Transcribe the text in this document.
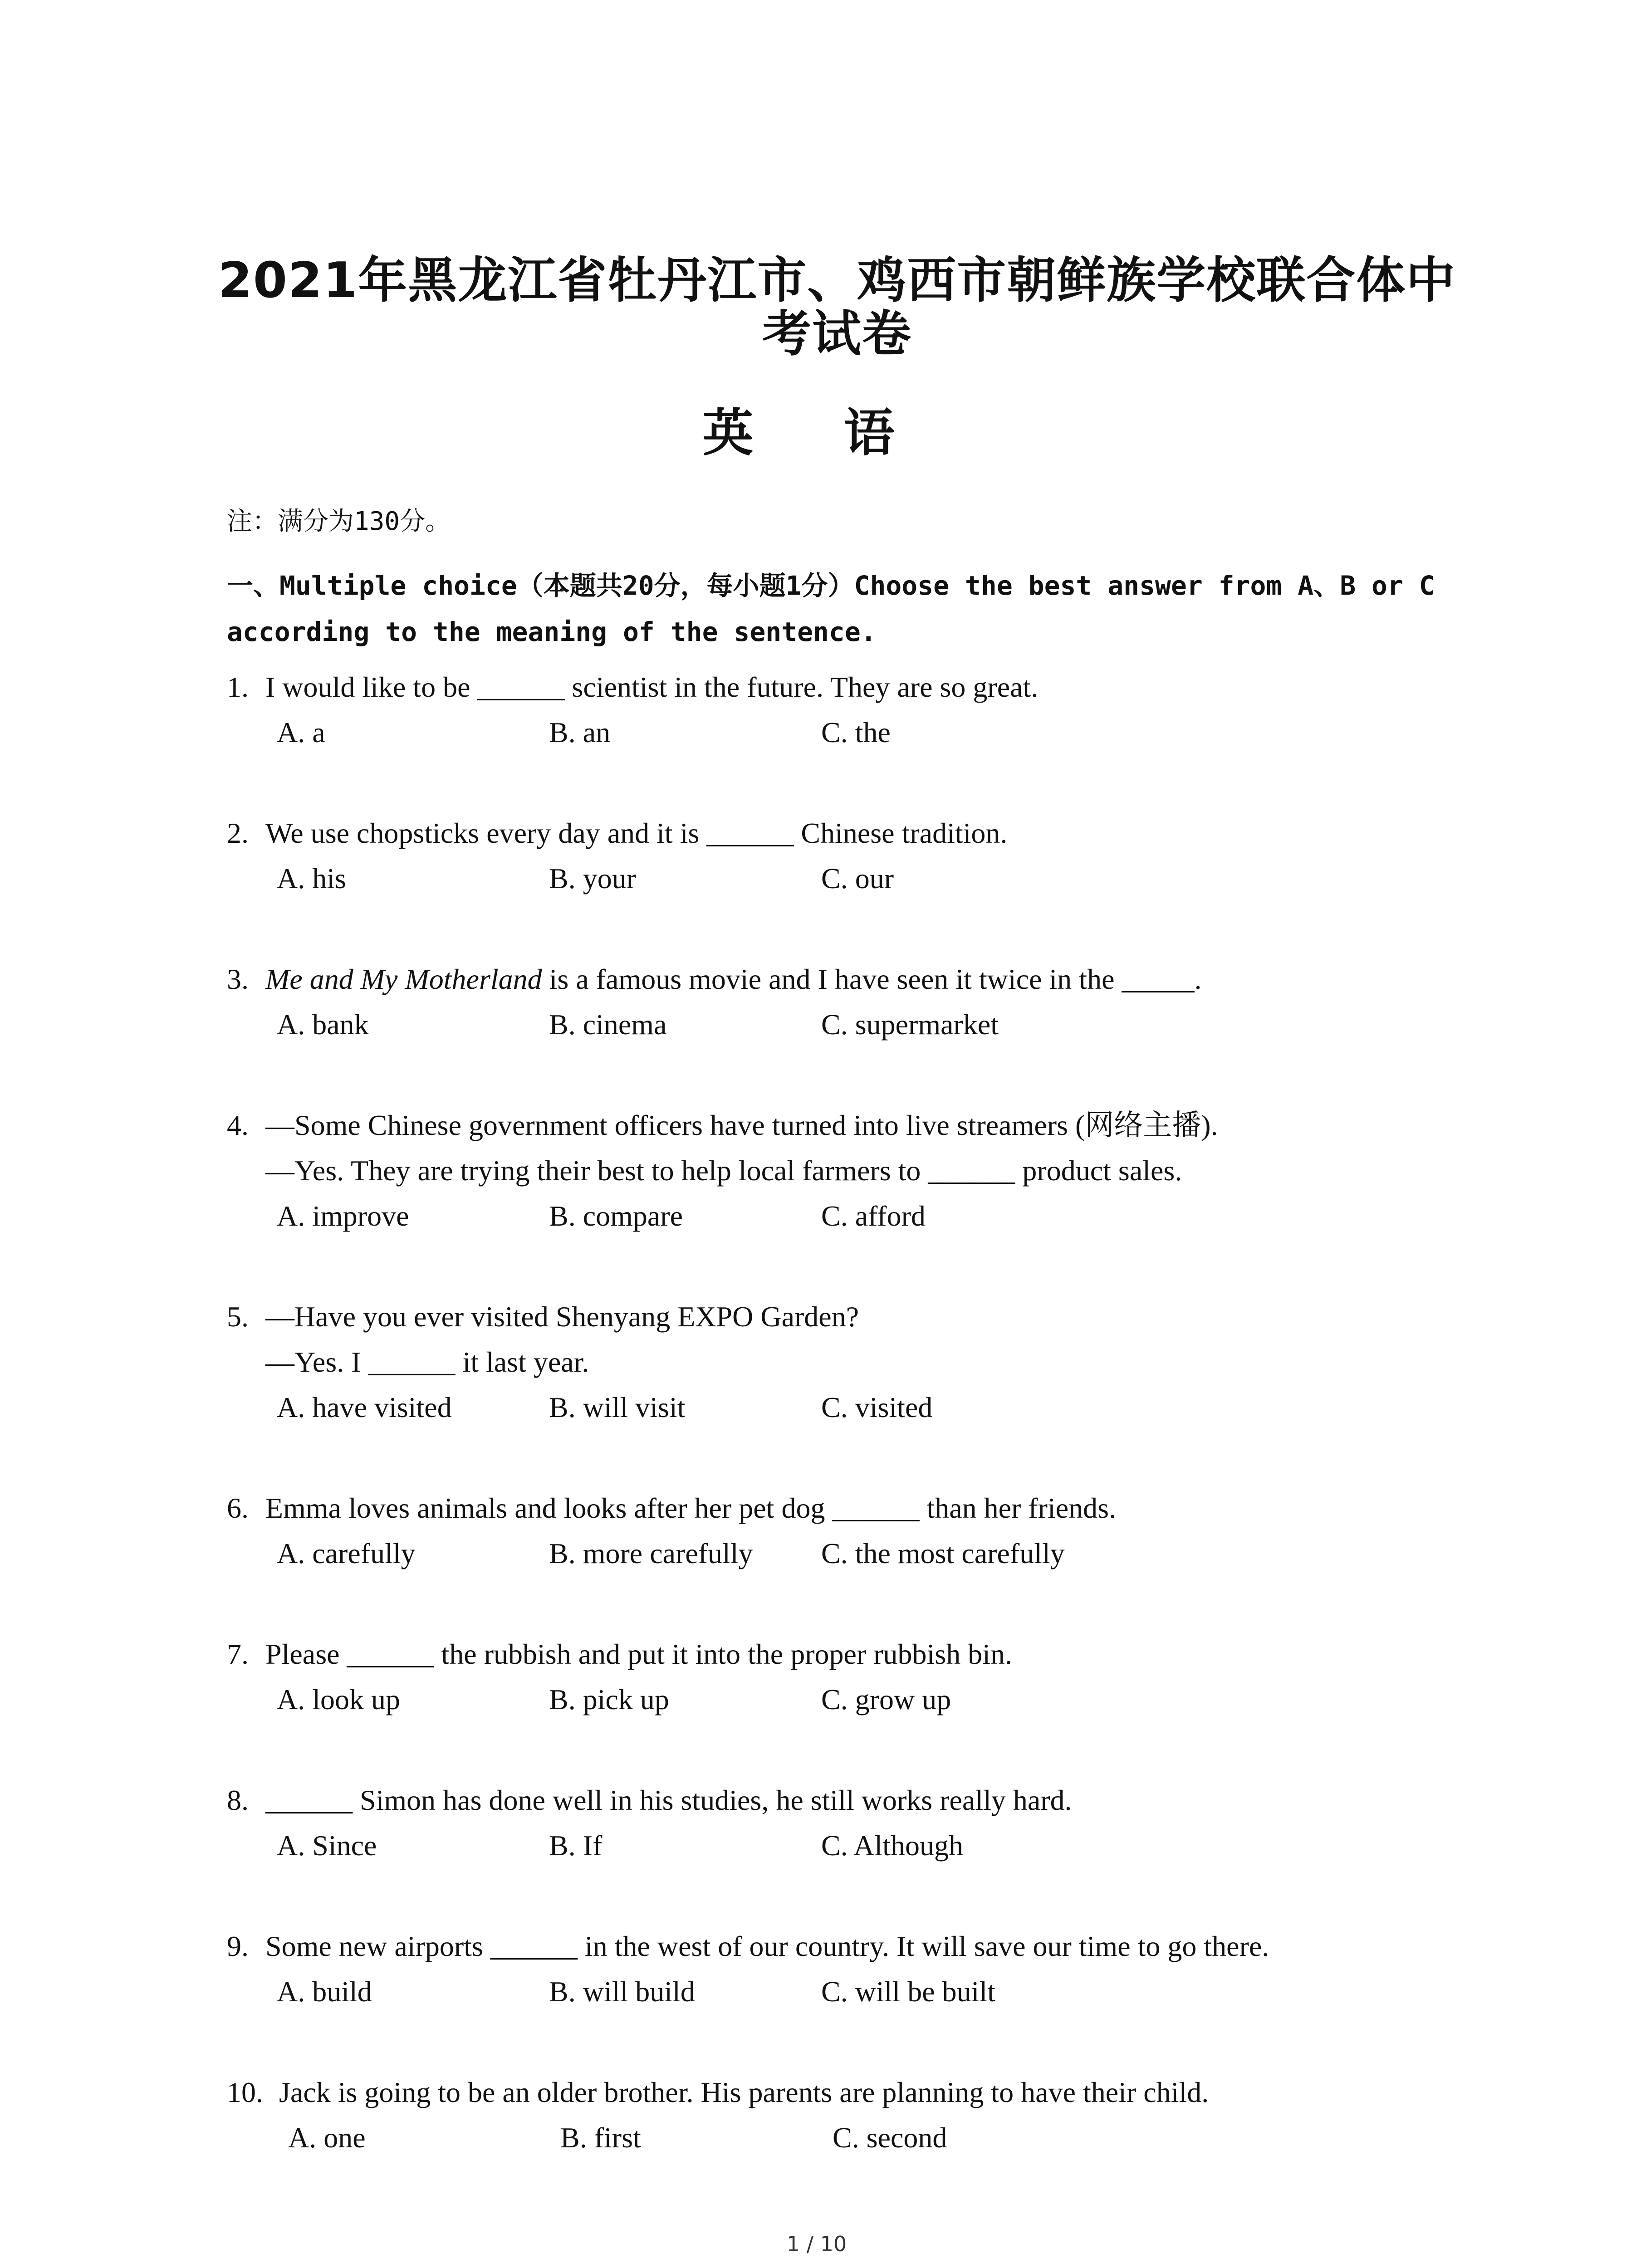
2021年黑龙江省牡丹江市、鸡西市朝鲜族学校联合体中
考试卷
英 语
注：满分为130分。
一、Multiple choice（本题共20分，每小题1分）Choose the best answer from A、B or C according to the meaning of the sentence.
1. I would like to be ______ scientist in the future. They are so great.
A. a	B. an	C. the
2. We use chopsticks every day and it is ______ Chinese tradition.
A. his	B. your	C. our
3. Me and My Motherland is a famous movie and I have seen it twice in the _____.
A. bank	B. cinema	C. supermarket
4. —Some Chinese government officers have turned into live streamers (网络主播).
—Yes. They are trying their best to help local farmers to ______ product sales.
A. improve	B. compare	C. afford
5. —Have you ever visited Shenyang EXPO Garden?
—Yes. I ______ it last year.
A. have visited	B. will visit	C. visited
6. Emma loves animals and looks after her pet dog ______ than her friends.
A. carefully	B. more carefully C. the most carefully
7. Please ______ the rubbish and put it into the proper rubbish bin.
A. look up	B. pick up	C. grow up
8. ______ Simon has done well in his studies, he still works really hard.
A. Since	B. If	C. Although
9. Some new airports ______ in the west of our country. It will save our time to go there.
A. build	B. will build	C. will be built
10. Jack is going to be an older brother. His parents are planning to have their child.
A. one	B. first	C. second
1 / 10
